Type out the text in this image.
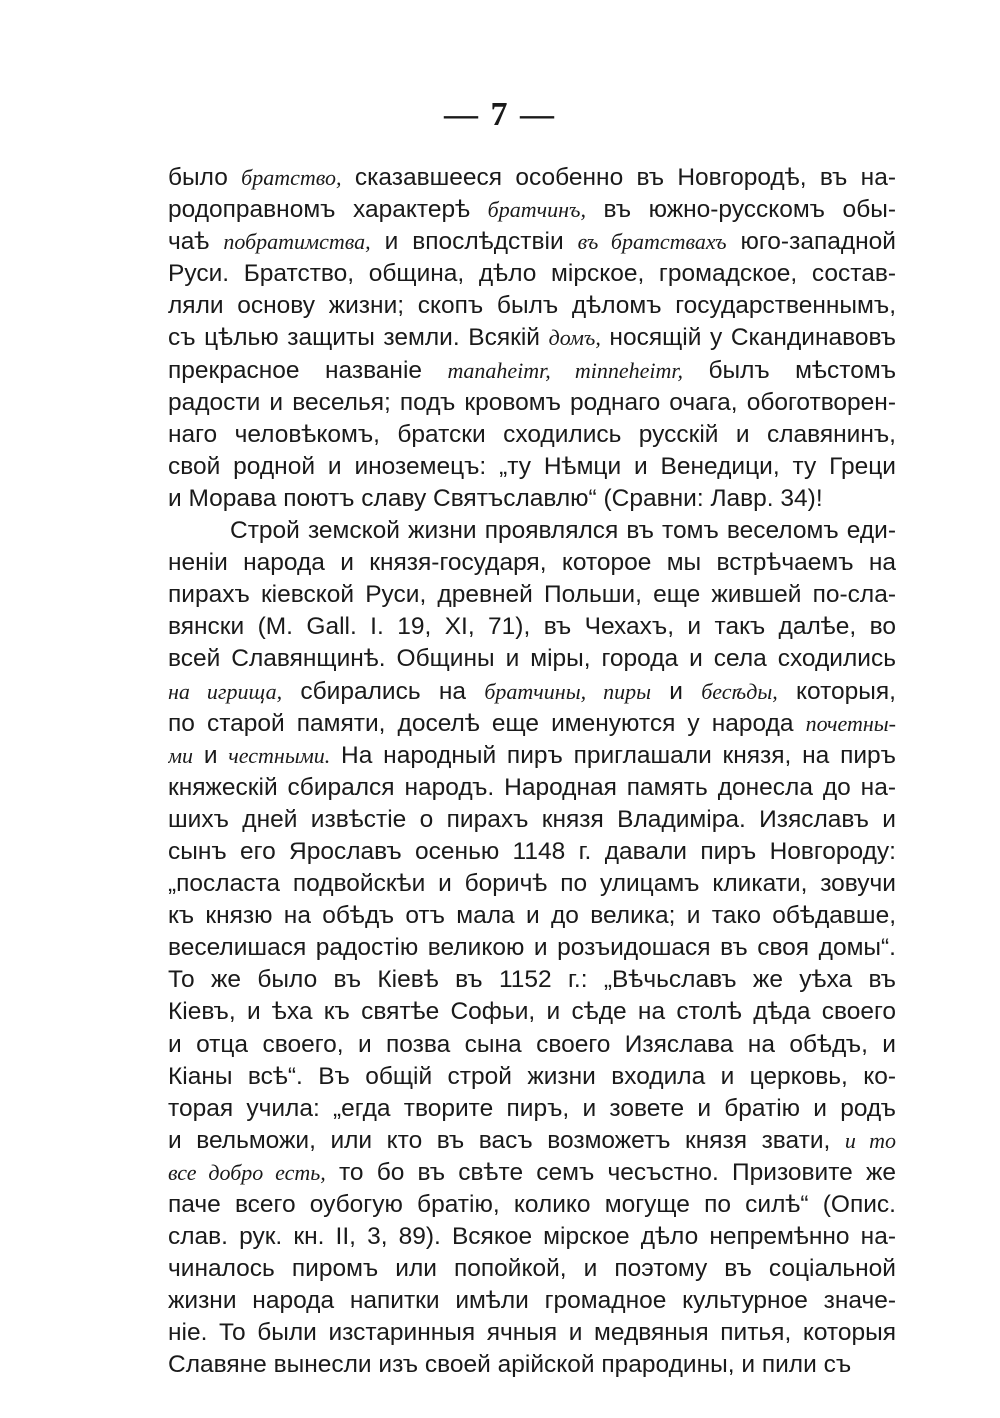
— 7 —
было братство, сказавшееся особенно въ Новгородѣ, въ на-
родоправномъ характерѣ братчинъ, въ южно-русскомъ обы-
чаѣ побратимства, и впослѣдствіи въ братствахъ юго-западной
Руси. Братство, община, дѣло мірское, громадское, состав-
ляли основу жизни; скопъ былъ дѣломъ государственнымъ,
съ цѣлью защиты земли. Всякій домъ, носящій у Скандинавовъ
прекрасное названіе manaheimr, minneheimr, былъ мѣстомъ
радости и веселья; подъ кровомъ роднаго очага, обоготворен-
наго человѣкомъ, братски сходились русскій и славянинъ,
свой родной и иноземецъ: „ту Нѣмци и Венедици, ту Греци
и Морава поютъ славу Святъславлю“ (Сравни: Лавр. 34)!
Строй земской жизни проявлялся въ томъ веселомъ еди-
неніи народа и князя-государя, которое мы встрѣчаемъ на
пирахъ кіевской Руси, древней Польши, еще жившей по-сла-
вянски (M. Gall. I. 19, XI, 71), въ Чехахъ, и такъ далѣе, во
всей Славянщинѣ. Общины и міры, города и села сходились
на игрища, сбирались на братчины, пиры и бесѣды, которыя,
по старой памяти, доселѣ еще именуются у народа почетны-
ми и честными. На народный пиръ приглашали князя, на пиръ
княжескій сбирался народъ. Народная память донесла до на-
шихъ дней извѣстіе о пирахъ князя Владиміра. Изяславъ и
сынъ его Ярославъ осенью 1148 г. давали пиръ Новгороду:
„посласта подвойскѣи и боричѣ по улицамъ кликати, зовучи
къ князю на обѣдъ отъ мала и до велика; и тако обѣдавше,
веселишася радостію великою и розъидошася въ своя домы“.
То же было въ Кіевѣ въ 1152 г.: „Вѣчьславъ же уѣха въ
Кіевъ, и ѣха къ святѣе Софьи, и сѣде на столѣ дѣда своего
и отца своего, и позва сына своего Изяслава на обѣдъ, и
Кіаны всѣ“. Въ общій строй жизни входила и церковь, ко-
торая учила: „егда творите пиръ, и зовете и братію и родъ
и вельможи, или кто въ васъ возможетъ князя звати, и то
все добро есть, то бо въ свѣте семъ чесъстно. Призовите же
паче всего оубогую братію, колико могуще по силѣ“ (Опис.
слав. рук. кн. II, 3, 89). Всякое мірское дѣло непремѣнно на-
чиналось пиромъ или попойкой, и поэтому въ соціальной
жизни народа напитки имѣли громадное культурное значе-
ніе. То были изстаринныя ячныя и медвяныя питья, которыя
Славяне вынесли изъ своей арійской прародины, и пили съ
